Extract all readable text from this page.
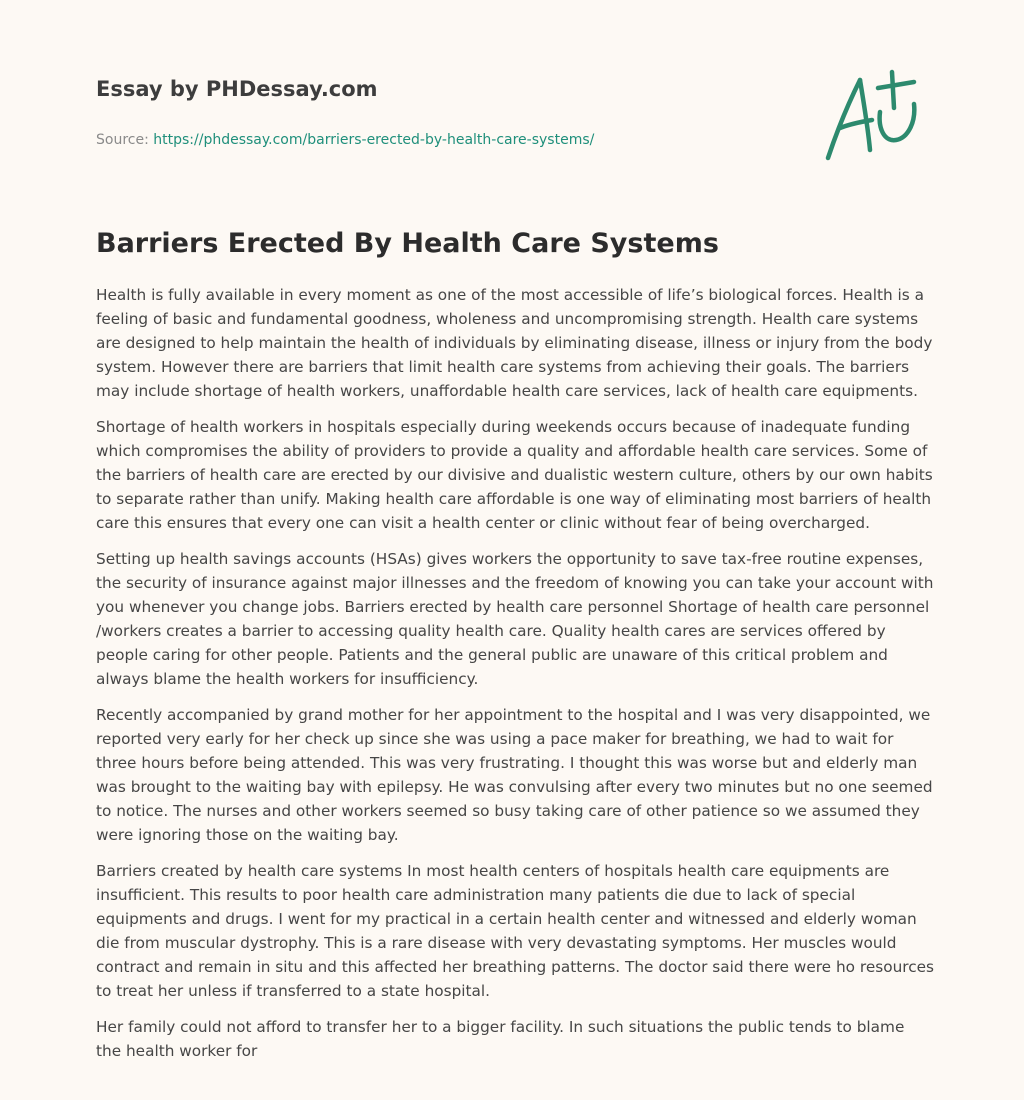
Essay by PHDessay.com

Source: https://phdessay.com/barriers-erected-by-health-care-systems/
Barriers Erected By Health Care Systems

Health is fully available in every moment as one of the most accessible of life’s biological forces. Health is a feeling of basic and fundamental goodness, wholeness and uncompromising strength. Health care systems are designed to help maintain the health of individuals by eliminating disease, illness or injury from the body system. However there are barriers that limit health care systems from achieving their goals. The barriers may include shortage of health workers, unaffordable health care services, lack of health care equipments.

Shortage of health workers in hospitals especially during weekends occurs because of inadequate funding which compromises the ability of providers to provide a quality and affordable health care services. Some of the barriers of health care are erected by our divisive and dualistic western culture, others by our own habits to separate rather than unify. Making health care affordable is one way of eliminating most barriers of health care this ensures that every one can visit a health center or clinic without fear of being overcharged.

Setting up health savings accounts (HSAs) gives workers the opportunity to save tax-free routine expenses, the security of insurance against major illnesses and the freedom of knowing you can take your account with you whenever you change jobs. Barriers erected by health care personnel Shortage of health care personnel /workers creates a barrier to accessing quality health care. Quality health cares are services offered by people caring for other people. Patients and the general public are unaware of this critical problem and always blame the health workers for insufficiency.

Recently accompanied by grand mother for her appointment to the hospital and I was very disappointed, we reported very early for her check up since she was using a pace maker for breathing, we had to wait for three hours before being attended. This was very frustrating. I thought this was worse but and elderly man was brought to the waiting bay with epilepsy. He was convulsing after every two minutes but no one seemed to notice. The nurses and other workers seemed so busy taking care of other patience so we assumed they were ignoring those on the waiting bay.

Barriers created by health care systems In most health centers of hospitals health care equipments are insufficient. This results to poor health care administration many patients die due to lack of special equipments and drugs. I went for my practical in a certain health center and witnessed and elderly woman die from muscular dystrophy. This is a rare disease with very devastating symptoms. Her muscles would contract and remain in situ and this affected her breathing patterns. The doctor said there were ho resources to treat her unless if transferred to a state hospital.

Her family could not afford to transfer her to a bigger facility. In such situations the public tends to blame the health worker for
